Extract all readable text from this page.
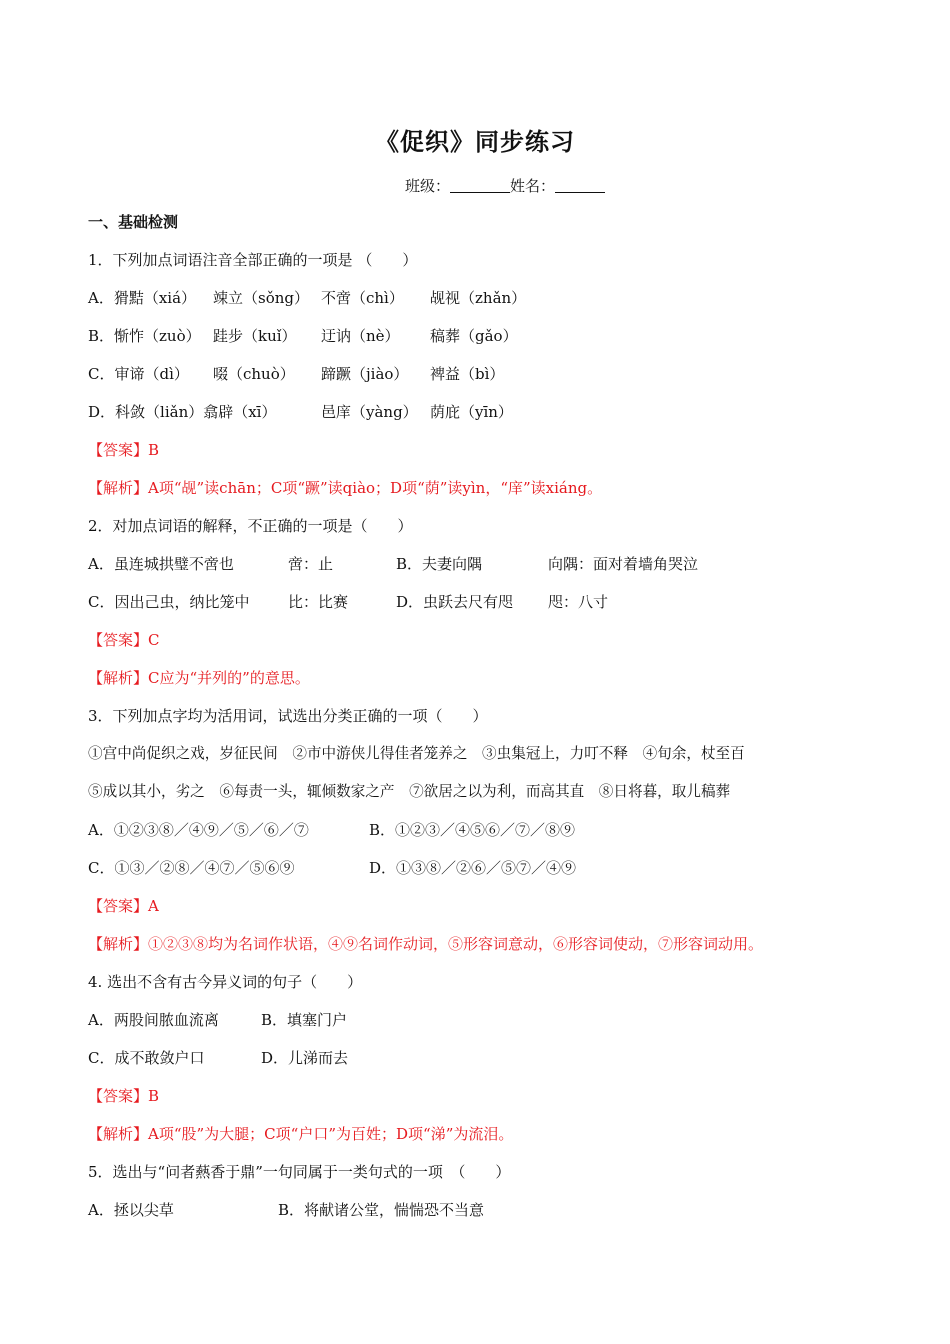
《促织》同步练习
班级：	姓名：
一、基础检测
1．下列加点词语注音全部正确的一项是 （　　）
A．猾黠（xiá） 竦立（sǒng） 不啻（chì） 觇视（zhǎn）
B．惭怍（zuò） 跬步（kuǐ） 迂讷（nè） 稿葬（gǎo）
C．审谛（dì） 啜（chuò） 蹄蹶（jiào） 裨益（bì）
D．科敛（liǎn）翕辟（xī）	邑庠（yàng） 荫庇（yīn）
【答案】B
【解析】A项“觇”读chān；C项“蹶”读qiào；D项“荫”读yìn，“庠”读xiáng。
2．对加点词语的解释，不正确的一项是（　　）
A．虽连城拱璧不啻也	啻：止	B．夫妻向隅	向隅：面对着墙角哭泣
C．因出己虫，纳比笼中	比：比赛	D．虫跃去尺有咫 咫：八寸
【答案】C
【解析】C应为“并列的”的意思。
3．下列加点字均为活用词，试选出分类正确的一项（　　）
①宫中尚促织之戏，岁征民间　②市中游侠儿得佳者笼养之　③虫集冠上，力叮不释　④旬余，杖至百
⑤成以其小，劣之　⑥每责一头，辄倾数家之产　⑦欲居之以为利，而高其直　⑧日将暮，取儿稿葬
A．①②③⑧／④⑨／⑤／⑥／⑦	B．①②③／④⑤⑥／⑦／⑧⑨
C．①③／②⑧／④⑦／⑤⑥⑨	D．①③⑧／②⑥／⑤⑦／④⑨
【答案】A
【解析】①②③⑧均为名词作状语，④⑨名词作动词，⑤形容词意动，⑥形容词使动，⑦形容词动用。
4. 选出不含有古今异义词的句子（　　）
A．两股间脓血流离	B．填塞门户
C．成不敢敛户口	D．儿涕而去
【答案】B
【解析】A项“股”为大腿；C项“户口”为百姓；D项“涕”为流泪。
5．选出与“问者爇香于鼎”一句同属于一类句式的一项　（　　）
A．拯以尖草	B．将献诸公堂，惴惴恐不当意
